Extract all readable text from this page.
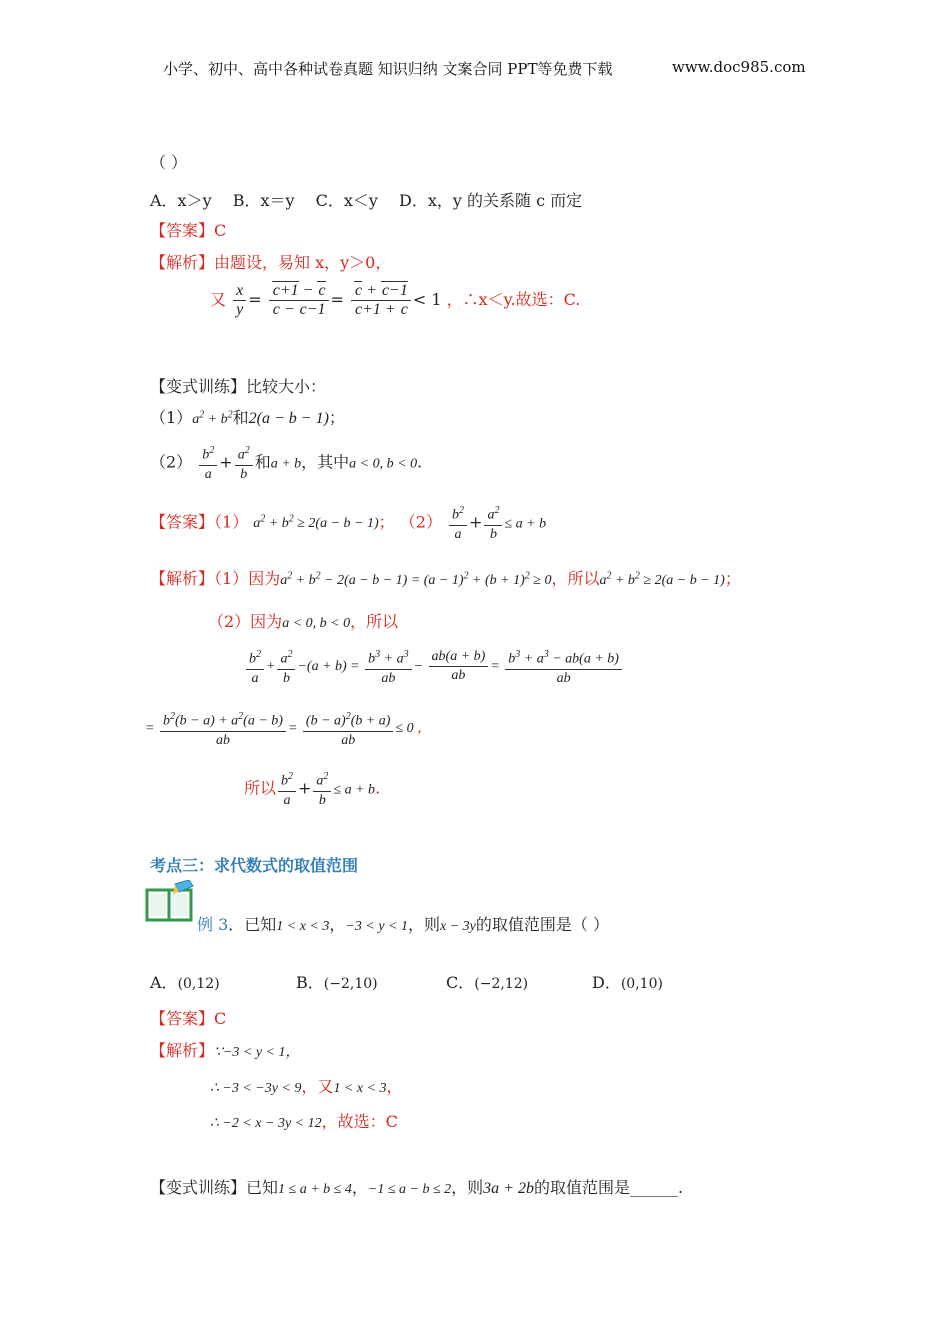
小学、初中、高中各种试卷真题 知识归纳 文案合同 PPT等免费下载	www.doc985.com
（ ）
A．x＞y  B．x＝y  C．x＜y  D．x，y 的关系随 c 而定
【答案】C
【解析】由题设，易知 x，y＞0，
又 $\frac{x}{y} = \frac{c+1 - c}{c - c-1} = \frac{c + c-1}{c+1 + c} < 1$ ，∴x＜y.故选：C.
【变式训练】比较大小：
$(1)a^2 + b^2$和2(a − b − 1)；
$(2) \frac{b^2}{a} + \frac{a^2}{b}$ 和a + b，其中a < 0, b < 0.
【答案】（1） $a^2 + b^2 \ge 2(a - b - 1)$； $(2) \frac{b^2}{a} + \frac{a^2}{b} \le a + b$
【解析】（1）因为$a^2 + b^2 - 2(a - b - 1) = (a - 1)^2 + (b + 1)^2 \ge 0$，所以$a^2 + b^2 \ge 2(a - b - 1)$；
（2）因为a < 0, b < 0，所以
$\frac{b^2}{a} + \frac{a^2}{b} -(a + b) = \frac{b^3 + a^3}{ab} - \frac{ab(a + b)}{ab} = \frac{b^3 + a^3 - ab(a + b)}{ab}$
= $\frac{b^2(b - a) + a^2(a - b)}{ab} = \frac{(b - a)^2(b + a)}{ab} \le 0$ ，
所以 $\frac{b^2}{a} + \frac{a^2}{b} \le a + b$.
考点三：求代数式的取值范围
例 3．已知1 < x < 3，−3 < y < 1，则x − 3y的取值范围是（ ）
A．(0,12)	B．(−2,10)	C．(−2,12)	D．(0,10)
【答案】C
【解析】∵−3 < y < 1，
∴ −3 < −3y < 9，又1 < x < 3，
∴ −2 < x − 3y < 12，故选：C
【变式训练】已知1 ≤ a + b ≤ 4，−1 ≤ a − b ≤ 2，则3a + 2b的取值范围是______.
